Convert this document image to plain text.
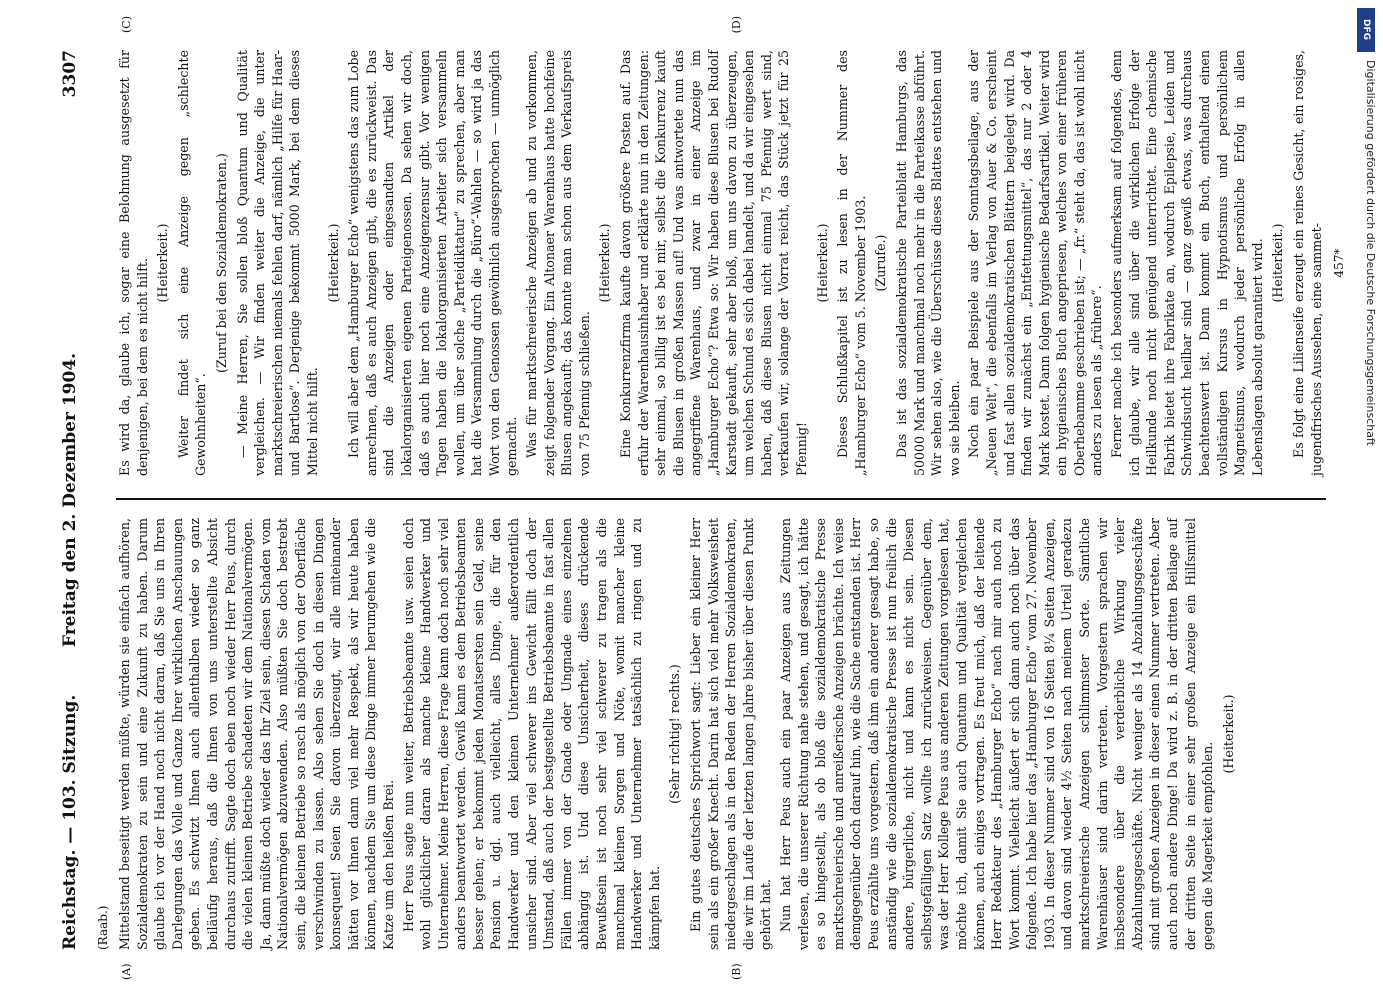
Reichstag. — 103. Sitzung.
Freitag den 2. Dezember 1904.
3307
(Raab.)
(A)

Mittelstand beseitigt werden müßte, würden sie einfach aufhören, Sozialdemokraten zu sein und eine Zukunft zu haben. Darum glaube ich vor der Hand noch nicht daran, daß Sie uns in Ihren Darlegungen das Volle und Ganze Ihrer wirklichen Anschauungen geben. Es schwitzt Ihnen auch allenthalben wieder so ganz beiläufig heraus, daß die Ihnen von uns unterstellte Absicht durchaus zutrifft. Sagte doch eben noch wieder Herr Peus, durch die vielen kleinen Betriebe schadeten wir dem Nationalvermögen. Ja, dann müßte doch wieder das Ihr Ziel sein, diesen Schaden vom Nationalvermögen abzuwenden. Also müßten Sie doch bestrebt sein, die kleinen Betriebe so rasch als möglich von der Oberfläche verschwinden zu lassen. Also sehen Sie doch in diesen Dingen konsequent! Seien Sie davon überzeugt, wir alle miteinander hätten vor Ihnen dann viel mehr Respekt, als wir heute haben können, nachdem Sie um diese Dinge immer herumgehen wie die Katze um den heißen Brei. Herr Peus sagte nun weiter, Betriebsbeamte usw. seien doch wohl glücklicher daran als manche kleine Handwerker und Unternehmer. Meine Herren, diese Frage kann doch noch sehr viel anders beantwortet werden. Gewiß kann es dem Betriebsbeamten besser gehen; er bekommt jeden Monatsersten sein Geld, seine Pension u. dgl. auch vielleicht, alles Dinge, die für den Handwerker und den kleinen Unternehmer außerordentlich unsicher sind. Aber viel schwerer ins Gewicht fällt doch der Umstand, daß auch der bestgestellte Betriebsbeamte in fast allen Fällen immer von der Gnade oder Ungnade eines einzelnen abhängig ist. Und diese Unsicherheit, dieses drückende Bewußtsein ist noch sehr viel schwerer zu tragen als die manchmal kleinen Sorgen und Nöte, womit mancher kleine Handwerker und Unternehmer tatsächlich zu ringen und zu kämpfen hat.

(Sehr richtig! rechts.)

(B)

Ein gutes deutsches Sprichwort sagt: Lieber ein kleiner Herr sein als ein großer Knecht. Darin hat sich viel mehr Volksweisheit niedergeschlagen als in den Reden der Herren Sozialdemokraten, die wir im Laufe der letzten langen Jahre bisher über diesen Punkt gehört hat. Nun hat Herr Peus auch ein paar Anzeigen aus Zeitungen verlesen, die unserer Richtung nahe stehen, und gesagt, ich hätte es so hingestellt, als ob bloß die sozialdemokratische Presse marktschreierische und anreißerische Anzeigen brächte. Ich weise demgegenüber doch darauf hin, wie die Sache entstanden ist. Herr Peus erzählte uns vorgestern, daß ihm ein anderer gesagt habe, so anständig wie die sozialdemokratische Presse ist nun freilich die andere, bürgerliche, nicht und kann es nicht sein. Diesen selbstgefälligen Satz wollte ich zurückweisen. Gegenüber dem, was der Herr Kollege Peus aus anderen Zeitungen vorgelesen hat, möchte ich, damit Sie auch Quantum und Qualität vergleichen können, auch einiges vortragen. Es freut mich, daß der leitende Herr Redakteur des „Hamburger Echo“ nach mir auch noch zu Wort kommt. Vielleicht äußert er sich dann auch noch über das folgende. Ich habe hier das „Hamburger Echo“ vom 27. November 1903. In dieser Nummer sind von 16 Seiten 8¼ Seiten Anzeigen, und davon sind wieder 4½ Seiten nach meinem Urteil geradezu marktschreierische Anzeigen schlimmster Sorte. Sämtliche Warenhäuser sind darin vertreten. Vorgestern sprachen wir insbesondere über die verderbliche Wirkung vieler Abzahlungsgeschäfte. Nicht weniger als 14 Abzahlungsgeschäfte sind mit großen Anzeigen in dieser einen Nummer vertreten. Aber auch noch andere Dinge! Da wird z. B. in der dritten Beilage auf der dritten Seite in einer sehr großen Anzeige ein Hilfsmittel gegen die Magerkeit empfohlen.

(Heiterkeit.)

(C)

Es wird da, glaube ich, sogar eine Belohnung ausgesetzt für denjenigen, bei dem es nicht hilft. (Heiterkeit.) Weiter findet sich eine Anzeige gegen „schlechte Gewohnheiten“.

(Zuruf bei den Sozialdemokraten.) — Meine Herren, Sie sollen bloß Quantum und Qualität vergleichen. — Wir finden weiter die Anzeige, die unter marktschreierischen niemals fehlen darf, nämlich „Hilfe für Haar- und Bartlose“. Derjenige bekommt 5000 Mark, bei dem dieses Mittel nicht hilft.

(Heiterkeit.) Ich will aber dem „Hamburger Echo“ wenigstens das zum Lobe anrechnen, daß es auch Anzeigen gibt, die es zurückweist. Das sind die Anzeigen oder eingesandten Artikel der lokalorganisierten eigenen Parteigenossen. Da sehen wir doch, daß es auch hier noch eine Anzeigenzensur gibt. Vor wenigen Tagen haben die lokalorganisierten Arbeiter sich versammeln wollen, um über solche „Parteidiktatur“ zu sprechen, aber man hat die Versammlung durch die „Büro“-Wahlen — so wird ja das Wort von den Genossen gewöhnlich ausgesprochen — unmöglich gemacht. Was für marktschreierische Anzeigen ab und zu vorkommen, zeigt folgender Vorgang. Ein Altonaer Warenhaus hatte hochfeine Blusen angekauft; das konnte man schon aus dem Verkaufspreis von 75 Pfennig schließen.

(Heiterkeit.)

(D)

Eine Konkurrenzfirma kaufte davon größere Posten auf. Das erfuhr der Warenhausinhaber und erklärte nun in den Zeitungen: sehr einmal, so billig ist es bei mir, selbst die Konkurrenz kauft die Blusen in großen Massen auf! Und was antwortete nun das angegriffene Warenhaus, und zwar in einer Anzeige im „Hamburger Echo“? Etwa so: Wir haben diese Blusen bei Rudolf Karstadt gekauft, sehr aber bloß, um uns davon zu überzeugen, um welchen Schund es sich dabei handelt, und da wir eingesehen haben, daß diese Blusen nicht einmal 75 Pfennig wert sind, verkaufen wir, solange der Vorrat reicht, das Stück jetzt für 25 Pfennig!

(Heiterkeit.) Dieses Schlußkapitel ist zu lesen in der Nummer des „Hamburger Echo“ vom 5. November 1903. (Zurufe.) Das ist das sozialdemokratische Parteiblatt Hamburgs, das 50000 Mark und manchmal noch mehr in die Parteikasse abführt. Wir sehen also, wie die Überschüsse dieses Blattes entstehen und wo sie bleiben. Noch ein paar Beispiele aus der Sonntagsbeilage, aus der „Neuen Welt“, die ebenfalls im Verlag von Auer & Co. erscheint und fast allen sozialdemokratischen Blättern beigelegt wird. Da finden wir zunächst ein „Entfettungsmittel“, das nur 2 oder 4 Mark kostet. Dann folgen hygienische Bedarfsartikel. Weiter wird ein hygienisches Buch angepriesen, welches von einer früheren Oberhebamme geschrieben ist; — „fr.“ steht da, das ist wohl nicht anders zu lesen als „frühere“. Ferner mache ich besonders aufmerksam auf folgendes, denn ich glaube, wir alle sind über die wirklichen Erfolge der Heilkunde noch nicht genügend unterrichtet. Eine chemische Fabrik bietet ihre Fabrikate an, wodurch Epilepsie, Leiden und Schwindsucht heilbar sind — ganz gewiß etwas, was durchaus beachtenswert ist. Dann kommt ein Buch, enthaltend einen vollständigen Kursus in Hypnotismus und persönlichem Magnetismus, wodurch jeder persönliche Erfolg in allen Lebenslagen absolut garantiert wird. (Heiterkeit.) Es folgt eine Lilienseife erzeugt ein reines Gesicht, ein rosiges, jugendfrisches Aussehen, eine sammet- 457*
DFG
Digitalisierung gefördert durch die Deutsche Forschungsgemeinschaft
